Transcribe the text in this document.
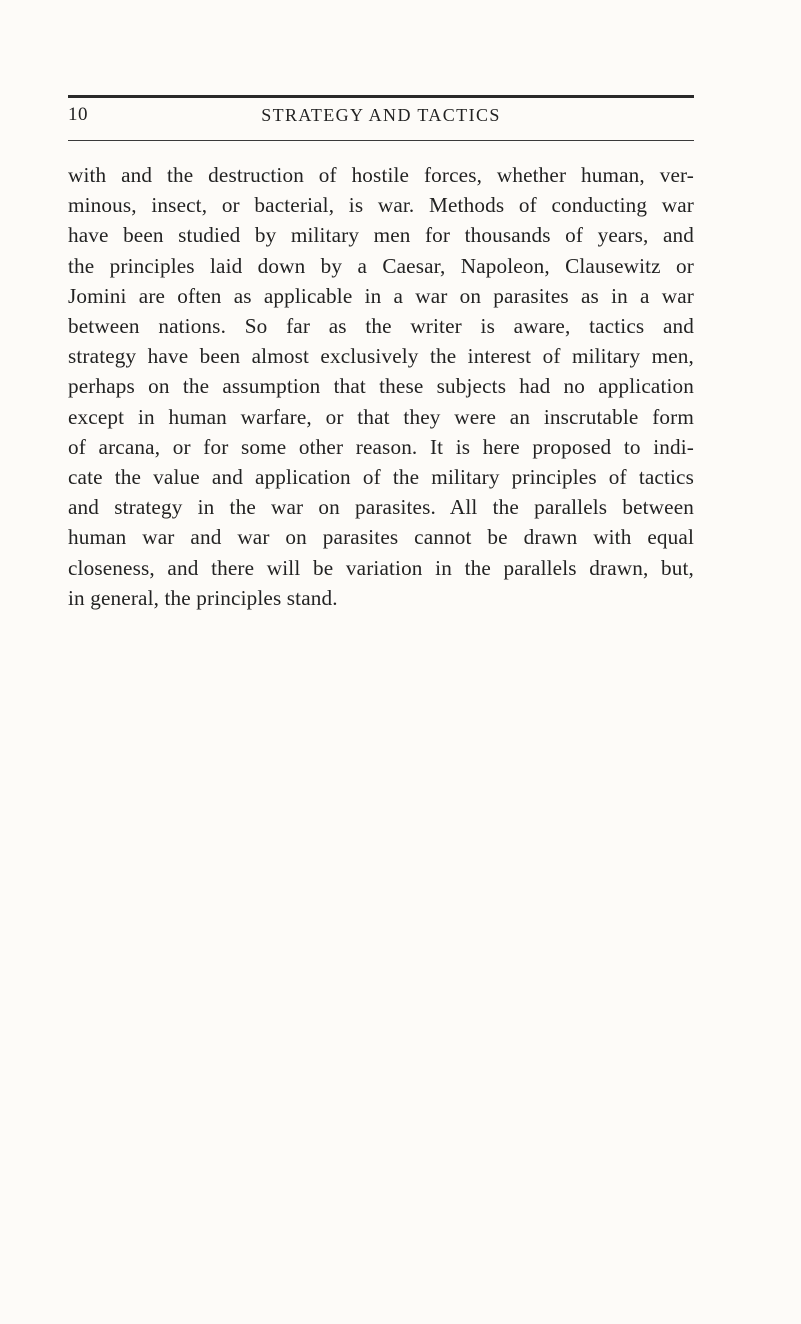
10	STRATEGY AND TACTICS

with and the destruction of hostile forces, whether human, ver-
minous, insect, or bacterial, is war. Methods of conducting war
have been studied by military men for thousands of years, and
the principles laid down by a Caesar, Napoleon, Clausewitz or
Jomini are often as applicable in a war on parasites as in a war
between nations. So far as the writer is aware, tactics and
strategy have been almost exclusively the interest of military men,
perhaps on the assumption that these subjects had no application
except in human warfare, or that they were an inscrutable form
of arcana, or for some other reason. It is here proposed to indi-
cate the value and application of the military principles of tactics
and strategy in the war on parasites. All the parallels between
human war and war on parasites cannot be drawn with equal
closeness, and there will be variation in the parallels drawn, but,
in general, the principles stand.
